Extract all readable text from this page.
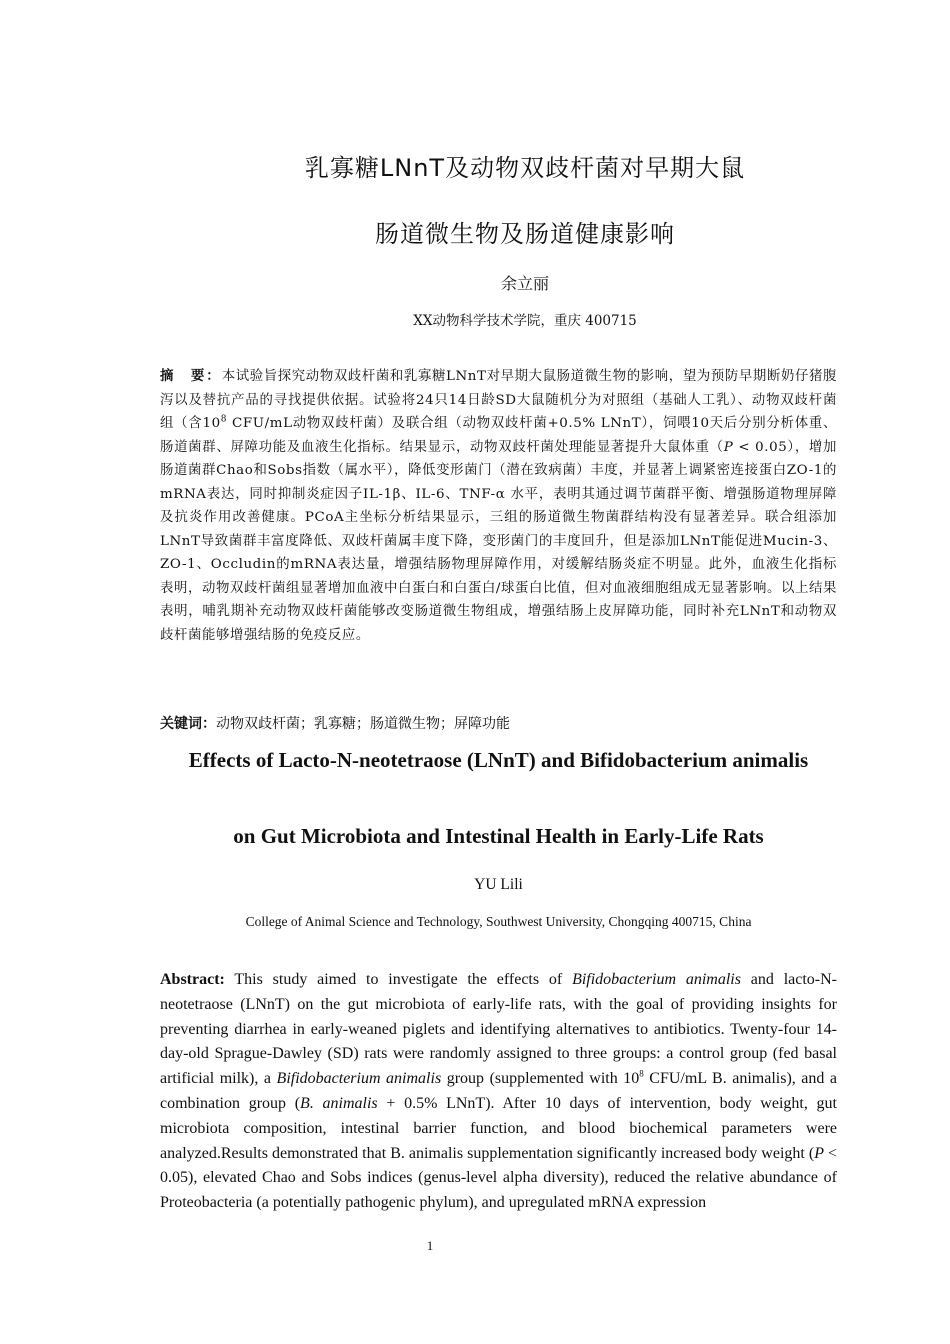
乳寡糖LNnT及动物双歧杆菌对早期大鼠
肠道微生物及肠道健康影响
余立丽
XX动物科学技术学院，重庆 400715
摘　要：本试验旨探究动物双歧杆菌和乳寡糖LNnT对早期大鼠肠道微生物的影响，望为预防早期断奶仔猪腹泻以及替抗产品的寻找提供依据。试验将24只14日龄SD大鼠随机分为对照组（基础人工乳）、动物双歧杆菌组（含$10^8$ CFU/mL动物双歧杆菌）及联合组（动物双歧杆菌+0.5% LNnT），饲喂10天后分别分析体重、肠道菌群、屏障功能及血液生化指标。结果显示，动物双歧杆菌处理能显著提升大鼠体重（P < 0.05），增加肠道菌群Chao和Sobs指数（属水平），降低变形菌门（潜在致病菌）丰度，并显著上调紧密连接蛋白ZO-1的mRNA表达，同时抑制炎症因子IL-1β、IL-6、TNF-α 水平，表明其通过调节菌群平衡、增强肠道物理屏障及抗炎作用改善健康。PCoA主坐标分析结果显示，三组的肠道微生物菌群结构没有显著差异。联合组添加LNnT导致菌群丰富度降低、双歧杆菌属丰度下降，变形菌门的丰度回升，但是添加LNnT能促进Mucin-3、ZO-1、Occludin的mRNA表达量，增强结肠物理屏障作用，对缓解结肠炎症不明显。此外，血液生化指标表明，动物双歧杆菌组显著增加血液中白蛋白和白蛋白/球蛋白比值，但对血液细胞组成无显著影响。以上结果表明，哺乳期补充动物双歧杆菌能够改变肠道微生物组成，增强结肠上皮屏障功能，同时补充LNnT和动物双歧杆菌能够增强结肠的免疫反应。
关键词：动物双歧杆菌；乳寡糖；肠道微生物；屏障功能
Effects of Lacto-N-neotetraose (LNnT) and Bifidobacterium animalis
on Gut Microbiota and Intestinal Health in Early-Life Rats
YU Lili
College of Animal Science and Technology, Southwest University, Chongqing 400715, China
Abstract: This study aimed to investigate the effects of Bifidobacterium animalis and lacto-N-neotetraose (LNnT) on the gut microbiota of early-life rats, with the goal of providing insights for preventing diarrhea in early-weaned piglets and identifying alternatives to antibiotics. Twenty-four 14-day-old Sprague-Dawley (SD) rats were randomly assigned to three groups: a control group (fed basal artificial milk), a Bifidobacterium animalis group (supplemented with $10^8$ CFU/mL B. animalis), and a combination group (B. animalis + 0.5% LNnT). After 10 days of intervention, body weight, gut microbiota composition, intestinal barrier function, and blood biochemical parameters were analyzed.Results demonstrated that B. animalis supplementation significantly increased body weight (P < 0.05), elevated Chao and Sobs indices (genus-level alpha diversity), reduced the relative abundance of Proteobacteria (a potentially pathogenic phylum), and upregulated mRNA expression
1
